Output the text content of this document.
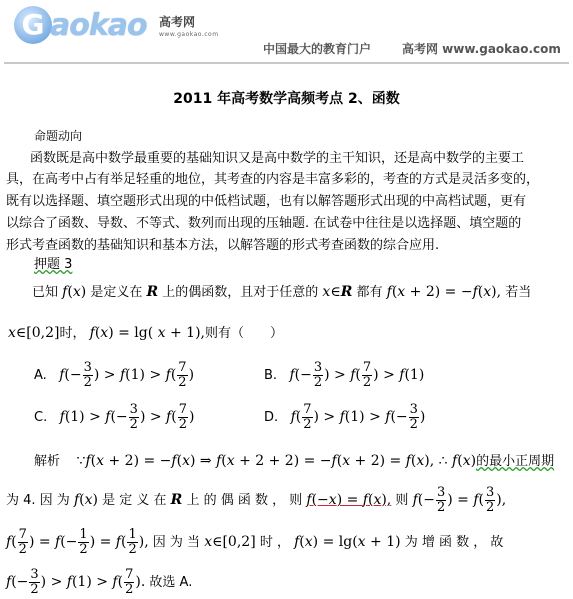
G aokao 高考网
www.gaokao.com
中国最大的教育门户	高考网 www.gaokao.com
2011 年高考数学高频考点 2、函数
命题动向
函数既是高中数学最重要的基础知识又是高中数学的主干知识，还是高中数学的主要工
具，在高考中占有举足轻重的地位，其考查的内容是丰富多彩的，考查的方式是灵活多变的，
既有以选择题、填空题形式出现的中低档试题，也有以解答题形式出现的中高档试题，更有
以综合了函数、导数、不等式、数列而出现的压轴题. 在试卷中往往是以选择题、填空题的
形式考查函数的基础知识和基本方法，以解答题的形式考查函数的综合应用.
押题 3
已知 f(x) 是定义在 R 上的偶函数，且对于任意的 x∈R 都有 f(x + 2) = −f(x), 若当
x∈[0,2]时， f(x) = lg( x + 1),则有（　　）
A. $f(- \frac{3}{2}$ ) > $f(1) > f( \frac{7}{2}$ )	B. $f(- \frac{3}{2}$ ) > $f( \frac{7}{2}$ ) > f(1)
C. $f(1) > f(- \frac{3}{2}$ ) > $f( \frac{7}{2}$ )	D. $f( \frac{7}{2}$ ) > $f(1) > f(- \frac{3}{2}$ )
解析 ∵f(x + 2) = −f(x) ⇒ f(x + 2 + 2) = −f(x + 2) = f(x), ∴ f(x)的最小正周期
为 4. 因 为 f(x) 是 定 义 在 R 上 的 偶 函 数 ， 则 f(−x) = f(x), 则 $f(- \frac{3}{2}$ ) = $f( \frac{3}{2}$ ),
$f( \frac{7}{2}$ ) = $f(- \frac{1}{2}$ ) = $f( \frac{1}{2}$ ), 因 为 当 x∈[0,2] 时 ， f(x) = lg(x + 1) 为 增 函 数 ， 故
$f(- \frac{3}{2}$ ) > $f(1) > f( \frac{7}{2}$ ). 故选 A.
